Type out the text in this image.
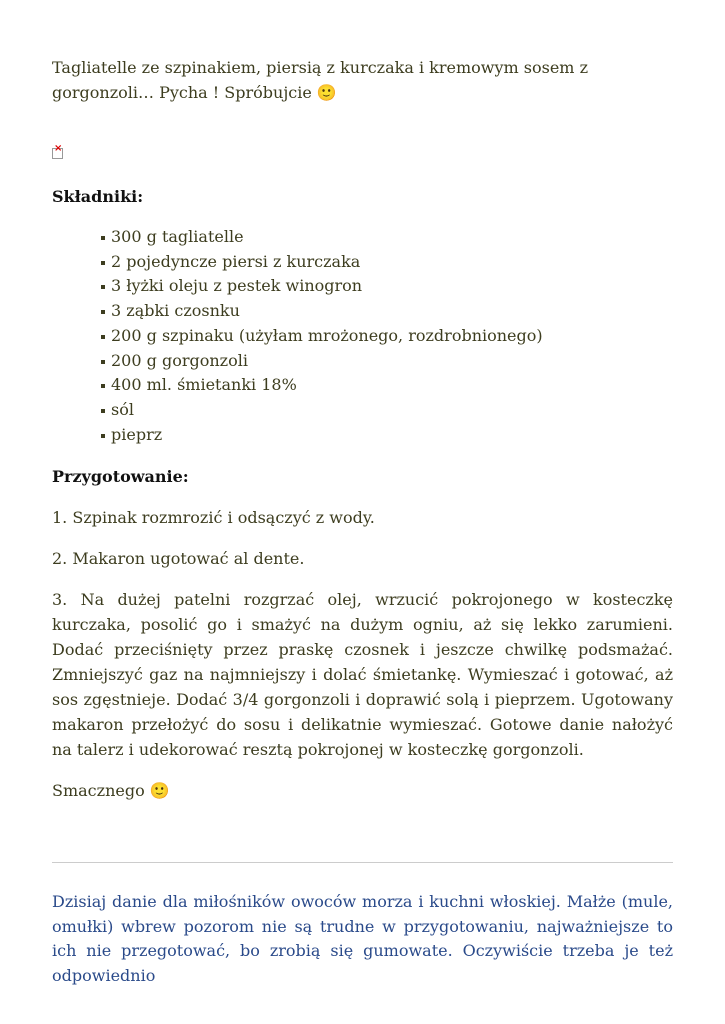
Tagliatelle ze szpinakiem, piersią z kurczaka i kremowym sosem z gorgonzoli… Pycha ! Spróbujcie 🙂

×

Składniki:

300 g tagliatelle
2 pojedyncze piersi z kurczaka
3 łyżki oleju z pestek winogron
3 ząbki czosnku
200 g szpinaku (użyłam mrożonego, rozdrobnionego)
200 g gorgonzoli
400 ml. śmietanki 18%
sól
pieprz

Przygotowanie:

1. Szpinak rozmrozić i odsączyć z wody.

2. Makaron ugotować al dente.

3. Na dużej patelni rozgrzać olej, wrzucić pokrojonego w kosteczkę kurczaka, posolić go i smażyć na dużym ogniu, aż się lekko zarumieni. Dodać przeciśnięty przez praskę czosnek i jeszcze chwilkę podsmażać. Zmniejszyć gaz na najmniejszy i dolać śmietankę. Wymieszać i gotować, aż sos zgęstnieje. Dodać 3/4 gorgonzoli i doprawić solą i pieprzem. Ugotowany makaron przełożyć do sosu i delikatnie wymieszać. Gotowe danie nałożyć na talerz i udekorować resztą pokrojonej w kosteczkę gorgonzoli.

Smacznego 🙂

Dzisiaj danie dla miłośników owoców morza i kuchni włoskiej. Małże (mule, omułki) wbrew pozorom nie są trudne w przygotowaniu, najważniejsze to ich nie przegotować, bo zrobią się gumowate. Oczywiście trzeba je też odpowiednio
